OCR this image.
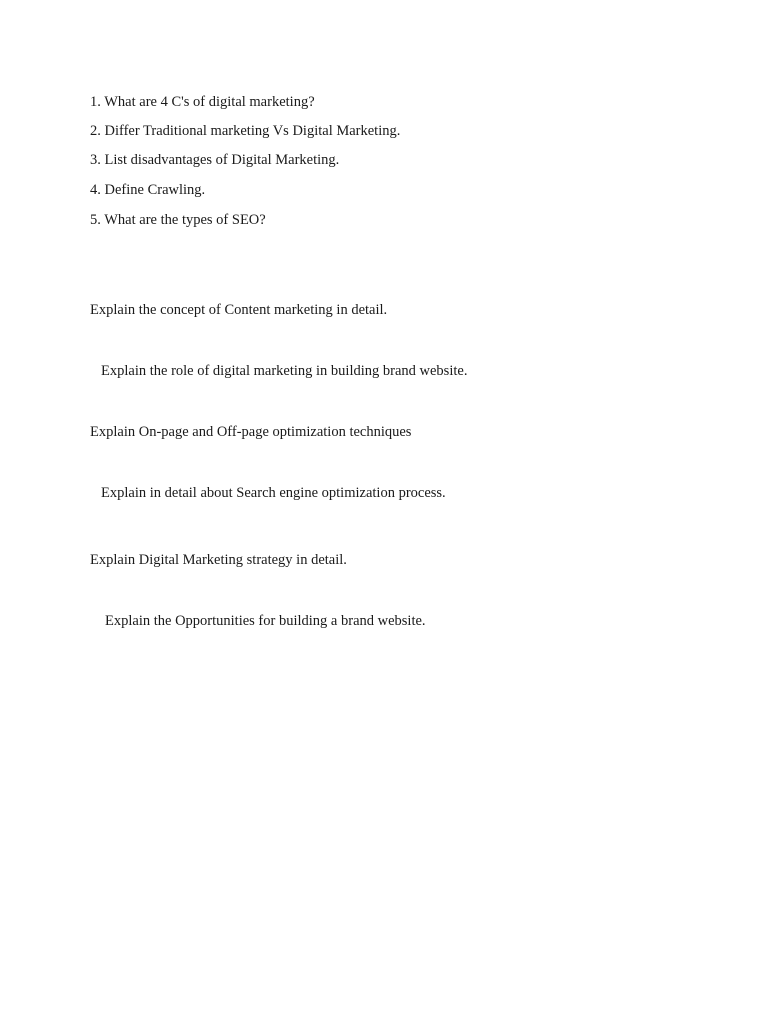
1. What are 4 C's of digital marketing?
2. Differ Traditional marketing Vs Digital Marketing.
3. List disadvantages of Digital Marketing.
4. Define Crawling.
5. What are the types of SEO?
Explain the concept of Content marketing in detail.
Explain the role of digital marketing in building brand website.
Explain On-page and Off-page optimization techniques
Explain in detail about Search engine optimization process.
Explain Digital Marketing strategy in detail.
Explain the Opportunities for building a brand website.
